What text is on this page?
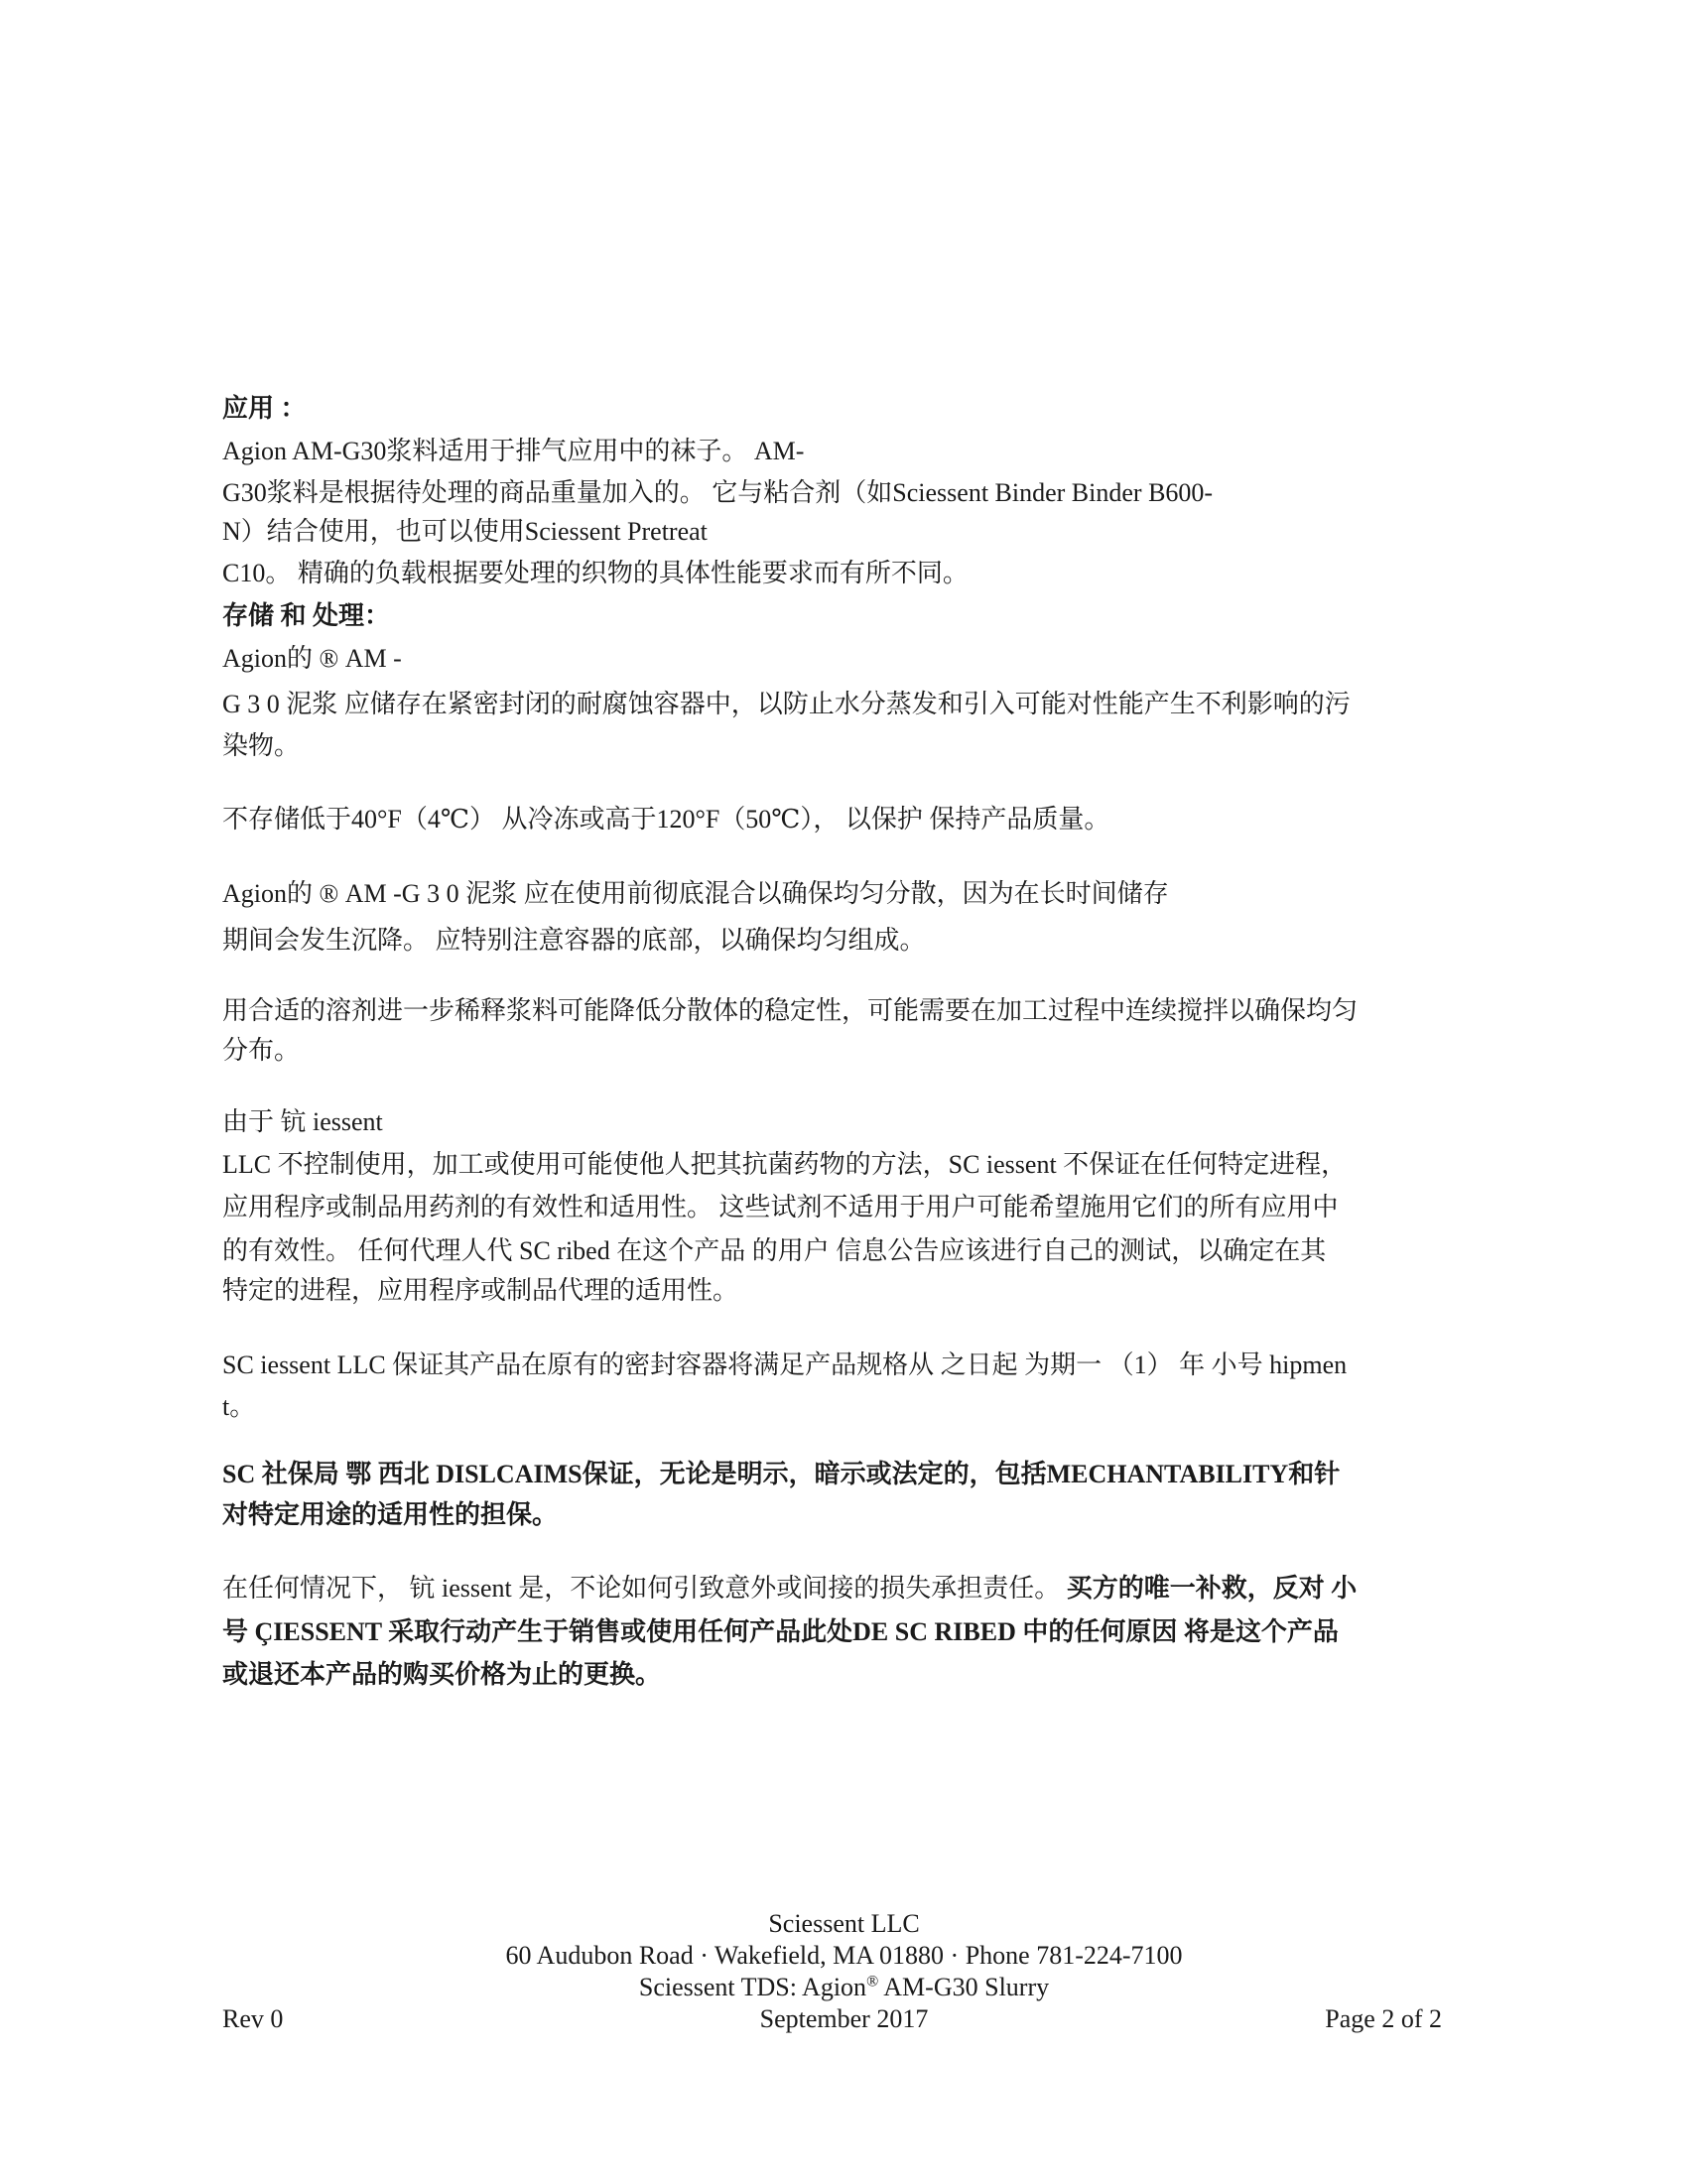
应用 ：
Agion AM-G30浆料适用于排气应用中的袜子。 AM-
G30浆料是根据待处理的商品重量加入的。 它与粘合剂（如Sciessent Binder Binder B600-
N）结合使用，也可以使用Sciessent Pretreat
C10。 精确的负载根据要处理的织物的具体性能要求而有所不同。
存储 和 处理：
Agion的 ® AM -
G 3 0 泥浆 应储存在紧密封闭的耐腐蚀容器中，以防止水分蒸发和引入可能对性能产生不利影响的污
染物。
不存储低于40°F（4℃） 从冷冻或高于120°F（50℃）， 以保护 保持产品质量。
Agion的 ® AM -G 3 0 泥浆 应在使用前彻底混合以确保均匀分散，因为在长时间储存
期间会发生沉降。 应特别注意容器的底部，以确保均匀组成。
用合适的溶剂进一步稀释浆料可能降低分散体的稳定性，可能需要在加工过程中连续搅拌以确保均匀
分布。
由于 钪 iessent
LLC 不控制使用，加工或使用可能使他人把其抗菌药物的方法，SC iessent 不保证在任何特定进程，
应用程序或制品用药剂的有效性和适用性。 这些试剂不适用于用户可能希望施用它们的所有应用中
的有效性。 任何代理人代 SC ribed 在这个产品 的用户 信息公告应该进行自己的测试，以确定在其
特定的进程，应用程序或制品代理的适用性。
SC iessent LLC 保证其产品在原有的密封容器将满足产品规格从 之日起 为期一 （1） 年 小号 hipmen
t。
SC 社保局 鄂 西北 DISLCAIMS保证，无论是明示，暗示或法定的，包括MECHANTABILITY和针
对特定用途的适用性的担保。
在任何情况下， 钪 iessent 是，不论如何引致意外或间接的损失承担责任。 买方的唯一补救，反对 小
号 ÇIESSENT 采取行动产生于销售或使用任何产品此处DE SC RIBED 中的任何原因 将是这个产品
或退还本产品的购买价格为止的更换。
Sciessent LLC
60 Audubon Road · Wakefield, MA 01880 · Phone 781-224-7100
Sciessent TDS: Agion® AM-G30 Slurry
September 2017
Rev 0	Page 2 of 2
